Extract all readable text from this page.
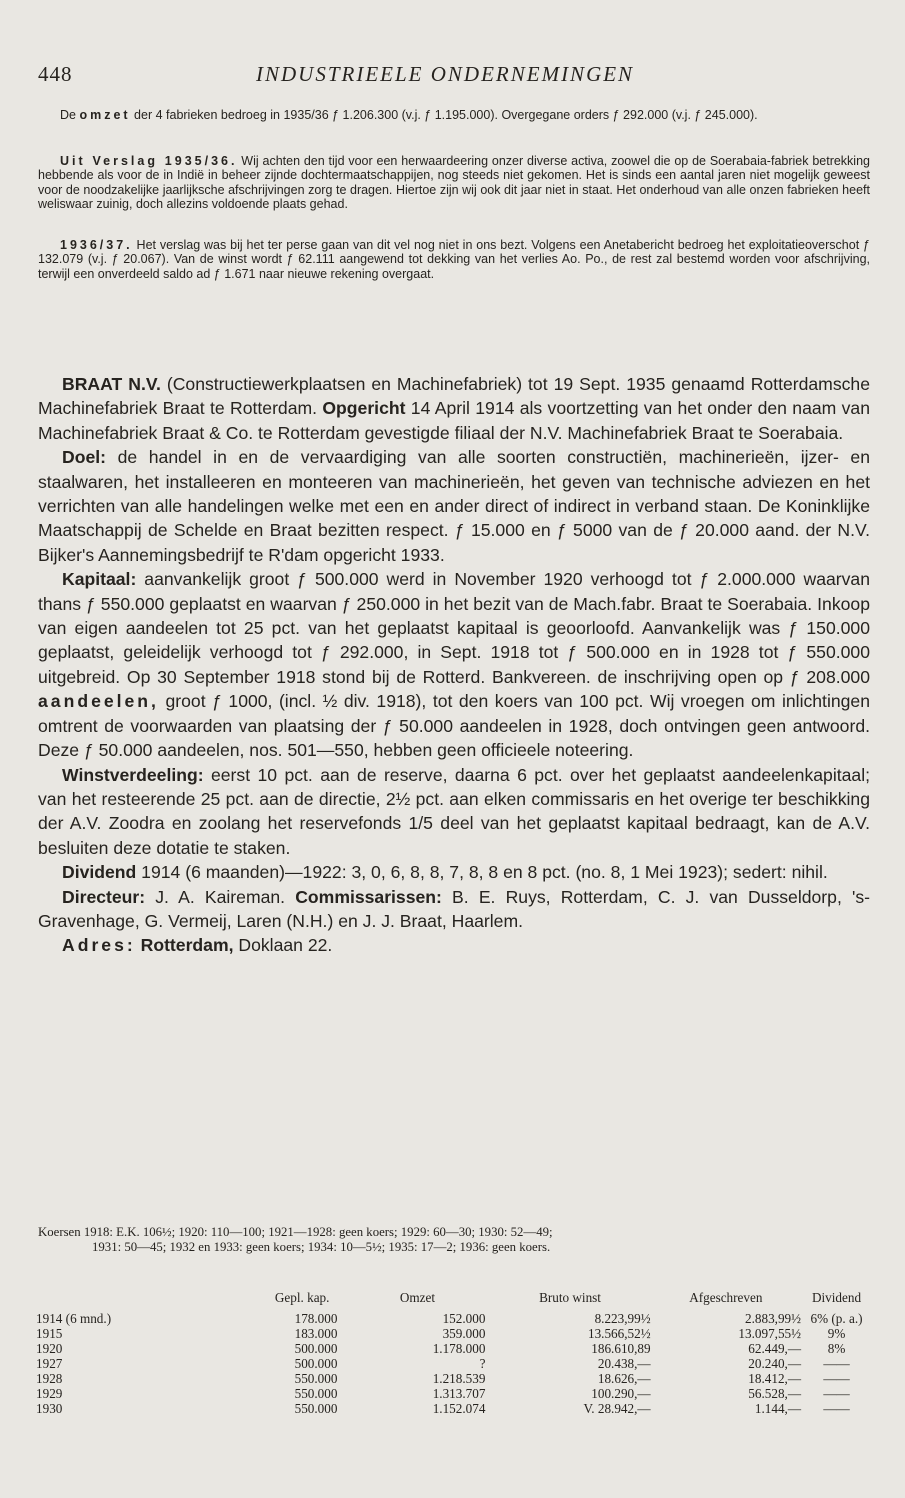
448	INDUSTRIEELE ONDERNEMINGEN

De omzet der 4 fabrieken bedroeg in 1935/36 ƒ 1.206.300 (v.j. ƒ 1.195.000). Overgegane orders ƒ 292.000 (v.j. ƒ 245.000).

Uit Verslag 1935/36. Wij achten den tijd voor een herwaardeering onzer diverse activa, zoowel die op de Soerabaia-fabriek betrekking hebbende als voor de in Indië in beheer zijnde dochtermaatschappijen, nog steeds niet gekomen. Het is sinds een aantal jaren niet mogelijk geweest voor de noodzakelijke jaarlijksche afschrijvingen zorg te dragen. Hiertoe zijn wij ook dit jaar niet in staat. Het onderhoud van alle onzen fabrieken heeft weliswaar zuinig, doch allezins voldoende plaats gehad.

1936/37. Het verslag was bij het ter perse gaan van dit vel nog niet in ons bezt. Volgens een Anetabericht bedroeg het exploitatieoverschot ƒ 132.079 (v.j. ƒ 20.067). Van de winst wordt ƒ 62.111 aangewend tot dekking van het verlies Ao. Po., de rest zal bestemd worden voor afschrijving, terwijl een onverdeeld saldo ad ƒ 1.671 naar nieuwe rekening overgaat.

BRAAT N.V. (Constructiewerkplaatsen en Machinefabriek) tot 19 Sept. 1935 genaamd Rotterdamsche Machinefabriek Braat te Rotterdam. Opgericht 14 April 1914 als voortzetting van het onder den naam van Machinefabriek Braat & Co. te Rotterdam gevestigde filiaal der N.V. Machinefabriek Braat te Soerabaia.

Doel: de handel in en de vervaardiging van alle soorten constructiën, machinerieën, ijzer- en staalwaren, het installeeren en monteeren van machinerieën, het geven van technische adviezen en het verrichten van alle handelingen welke met een en ander direct of indirect in verband staan. De Koninklijke Maatschappij de Schelde en Braat bezitten respect. ƒ 15.000 en ƒ 5000 van de ƒ 20.000 aand. der N.V. Bijker's Aannemingsbedrijf te R'dam opgericht 1933.

Kapitaal: aanvankelijk groot ƒ 500.000 werd in November 1920 verhoogd tot ƒ 2.000.000 waarvan thans ƒ 550.000 geplaatst en waarvan ƒ 250.000 in het bezit van de Mach.fabr. Braat te Soerabaia. Inkoop van eigen aandeelen tot 25 pct. van het geplaatst kapitaal is geoorloofd. Aanvankelijk was ƒ 150.000 geplaatst, geleidelijk verhoogd tot ƒ 292.000, in Sept. 1918 tot ƒ 500.000 en in 1928 tot ƒ 550.000 uitgebreid. Op 30 September 1918 stond bij de Rotterd. Bankvereen. de inschrijving open op ƒ 208.000 aandeelen, groot ƒ 1000, (incl. ½ div. 1918), tot den koers van 100 pct. Wij vroegen om inlichtingen omtrent de voorwaarden van plaatsing der ƒ 50.000 aandeelen in 1928, doch ontvingen geen antwoord. Deze ƒ 50.000 aandeelen, nos. 501—550, hebben geen officieele noteering.

Winstverdeeling: eerst 10 pct. aan de reserve, daarna 6 pct. over het geplaatst aandeelenkapitaal; van het resteerende 25 pct. aan de directie, 2½ pct. aan elken commissaris en het overige ter beschikking der A.V. Zoodra en zoolang het reservefonds 1/5 deel van het geplaatst kapitaal bedraagt, kan de A.V. besluiten deze dotatie te staken.

Dividend 1914 (6 maanden)—1922: 3, 0, 6, 8, 8, 7, 8, 8 en 8 pct. (no. 8, 1 Mei 1923); sedert: nihil.

Directeur: J. A. Kaireman. Commissarissen: B. E. Ruys, Rotterdam, C. J. van Dusseldorp, 's-Gravenhage, G. Vermeij, Laren (N.H.) en J. J. Braat, Haarlem.

Adres: Rotterdam, Doklaan 22.

Koersen 1918: E.K. 106½; 1920: 110—100; 1921—1928: geen koers; 1929: 60—30; 1930: 52—49;
1931: 50—45; 1932 en 1933: geen koers; 1934: 10—5½; 1935: 17—2; 1936: geen koers.
	Gepl. kap.	Omzet	Bruto winst	Afgeschreven	Dividend
1914 (6 mnd.)	178.000	152.000	8.223,99½	2.883,99½	6% (p. a.)
1915	183.000	359.000	13.566,52½	13.097,55½	9%
1920	500.000	1.178.000	186.610,89	62.449,—	8%
1927	500.000	?	20.438,—	20.240,—	——
1928	550.000	1.218.539	18.626,—	18.412,—	——
1929	550.000	1.313.707	100.290,—	56.528,—	——
1930	550.000	1.152.074	V. 28.942,—	1.144,—	——
